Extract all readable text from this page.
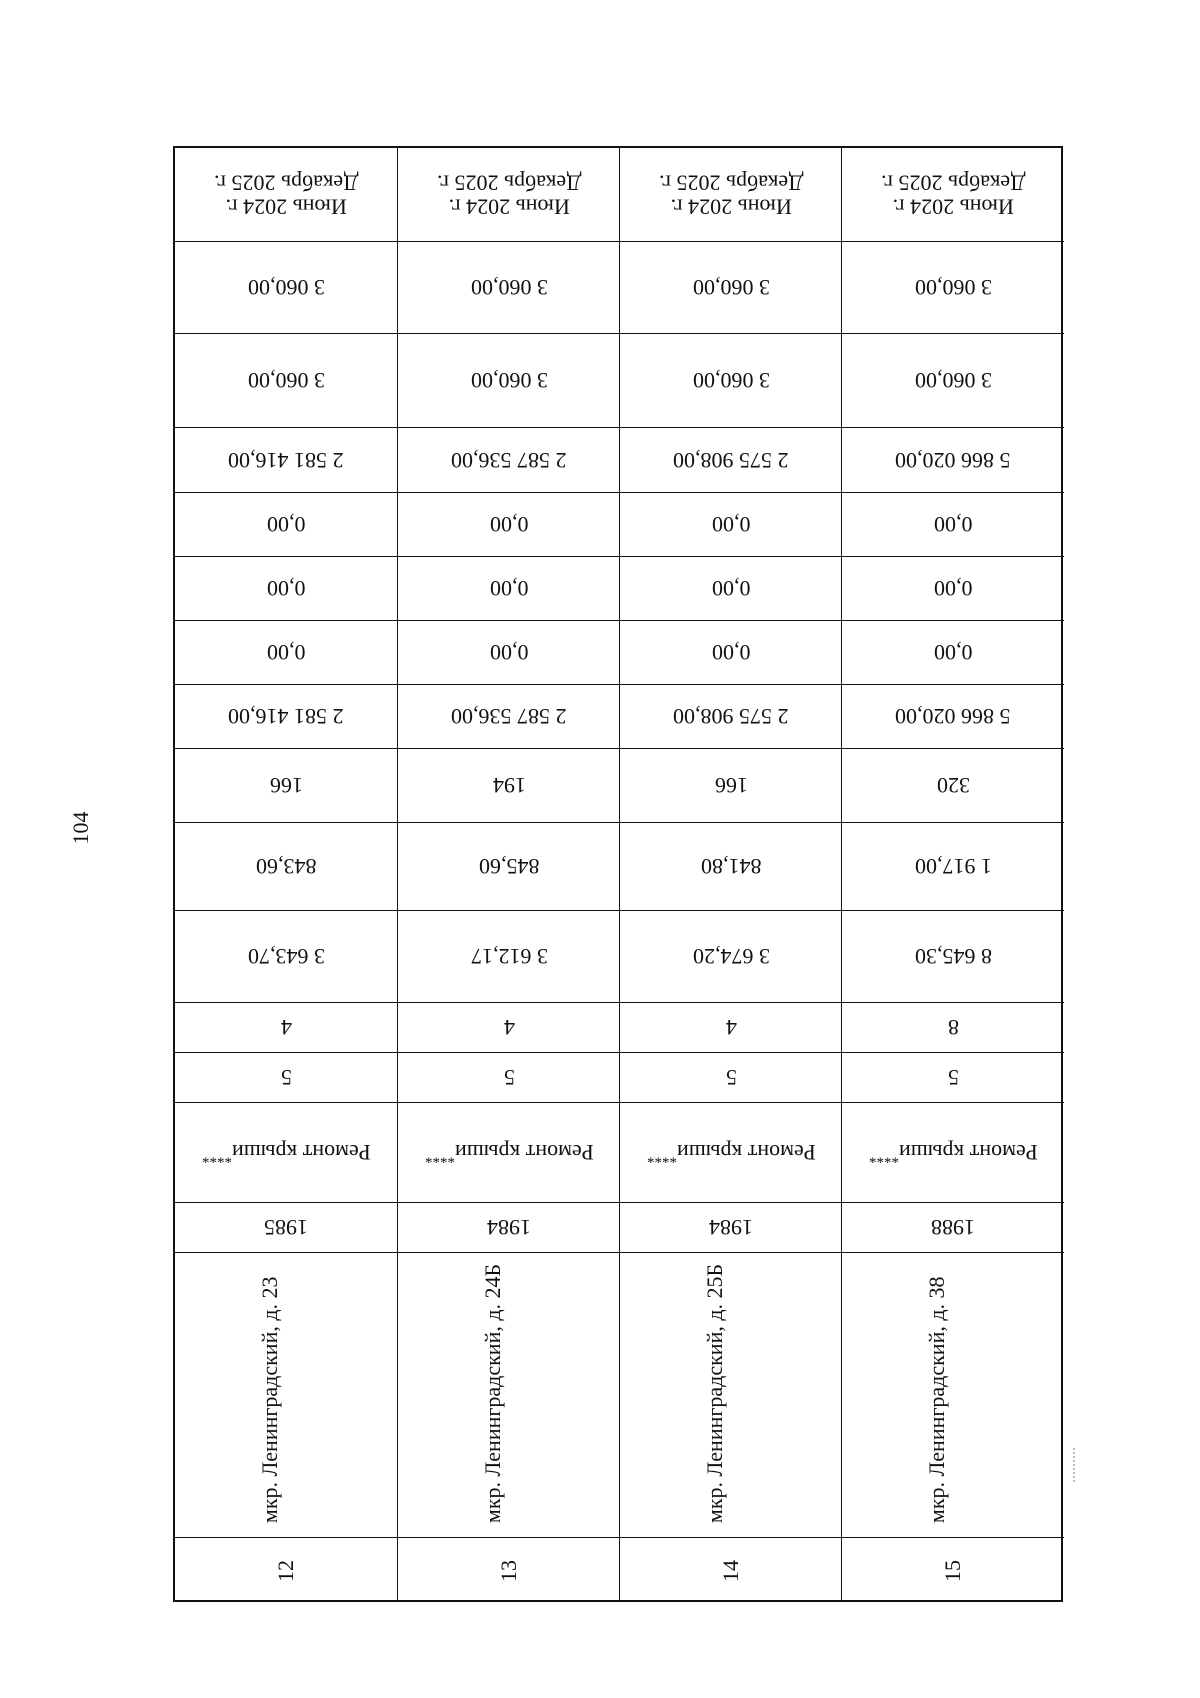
104
Июнь 2024 г.
Декабрь 2025 г.
3 060,00
3 060,00
2 581 416,00
0,00
0,00
0,00
2 581 416,00
166
843,60
3 643,70
4
5
Ремонт крыши****
1985
мкр. Ленинградский, д. 23
12
Июнь 2024 г.
Декабрь 2025 г.
3 060,00
3 060,00
2 587 536,00
0,00
0,00
0,00
2 587 536,00
194
845,60
3 612,17
4
5
Ремонт крыши****
1984
мкр. Ленинградский, д. 24Б
13
Июнь 2024 г.
Декабрь 2025 г.
3 060,00
3 060,00
2 575 908,00
0,00
0,00
0,00
2 575 908,00
166
841,80
3 674,20
4
5
Ремонт крыши****
1984
мкр. Ленинградский, д. 25Б
14
Июнь 2024 г.
Декабрь 2025 г.
3 060,00
3 060,00
5 866 020,00
0,00
0,00
0,00
5 866 020,00
320
1 917,00
8 645,30
8
5
Ремонт крыши****
1988
мкр. Ленинградский, д. 38
15
